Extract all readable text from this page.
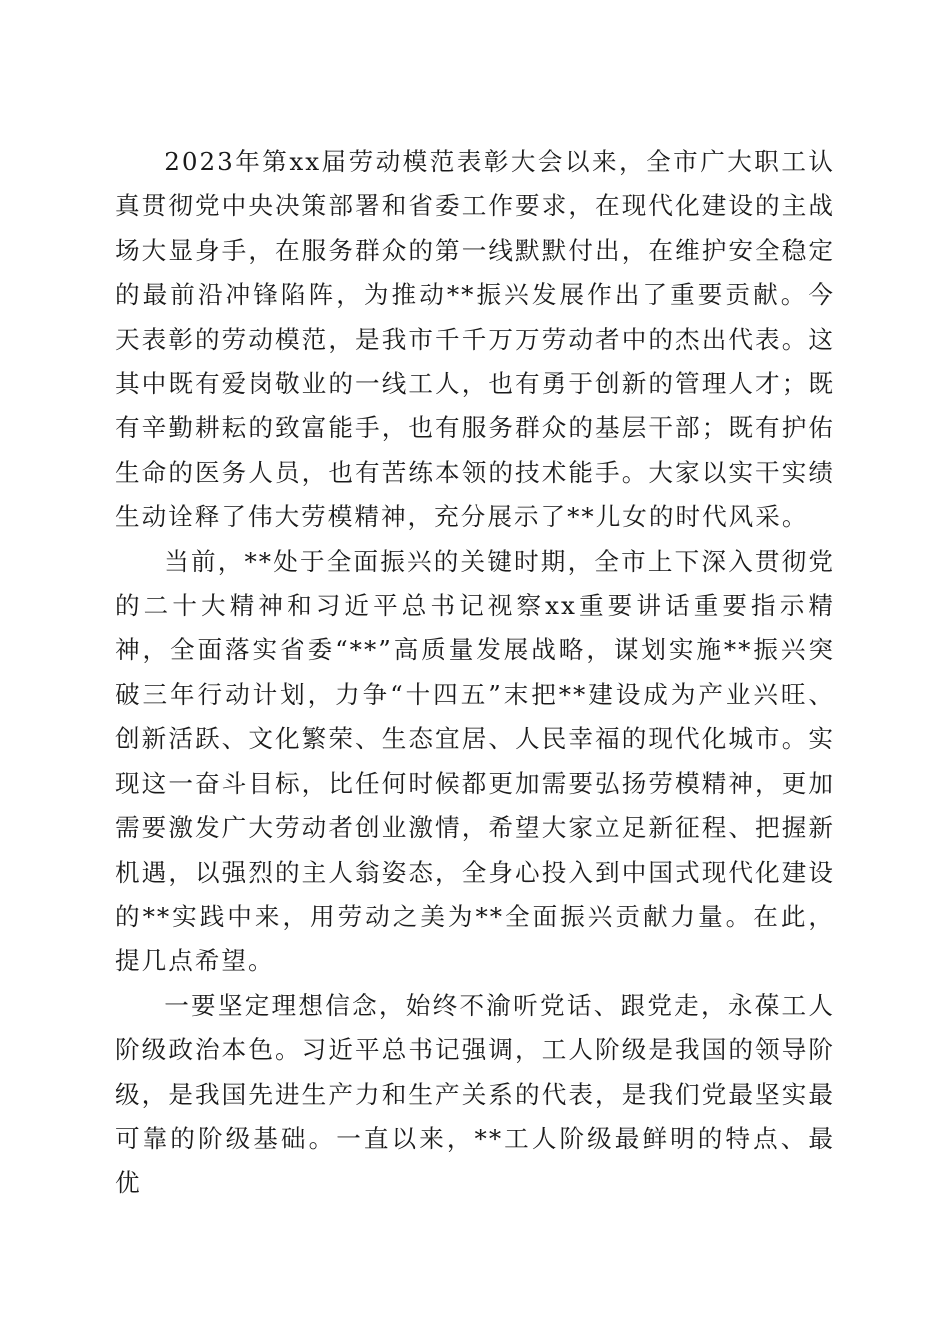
2023年第xx届劳动模范表彰大会以来，全市广大职工认真贯彻党中央决策部署和省委工作要求，在现代化建设的主战场大显身手，在服务群众的第一线默默付出，在维护安全稳定的最前沿冲锋陷阵，为推动**振兴发展作出了重要贡献。今天表彰的劳动模范，是我市千千万万劳动者中的杰出代表。这其中既有爱岗敬业的一线工人，也有勇于创新的管理人才；既有辛勤耕耘的致富能手，也有服务群众的基层干部；既有护佑生命的医务人员，也有苦练本领的技术能手。大家以实干实绩生动诠释了伟大劳模精神，充分展示了**儿女的时代风采。

当前，**处于全面振兴的关键时期，全市上下深入贯彻党的二十大精神和习近平总书记视察xx重要讲话重要指示精神，全面落实省委“**”高质量发展战略，谋划实施**振兴突破三年行动计划，力争“十四五”末把**建设成为产业兴旺、创新活跃、文化繁荣、生态宜居、人民幸福的现代化城市。实现这一奋斗目标，比任何时候都更加需要弘扬劳模精神，更加需要激发广大劳动者创业激情，希望大家立足新征程、把握新机遇，以强烈的主人翁姿态，全身心投入到中国式现代化建设的**实践中来，用劳动之美为**全面振兴贡献力量。在此，提几点希望。

一要坚定理想信念，始终不渝听党话、跟党走，永葆工人阶级政治本色。习近平总书记强调，工人阶级是我国的领导阶级，是我国先进生产力和生产关系的代表，是我们党最坚实最可靠的阶级基础。一直以来，**工人阶级最鲜明的特点、最优
